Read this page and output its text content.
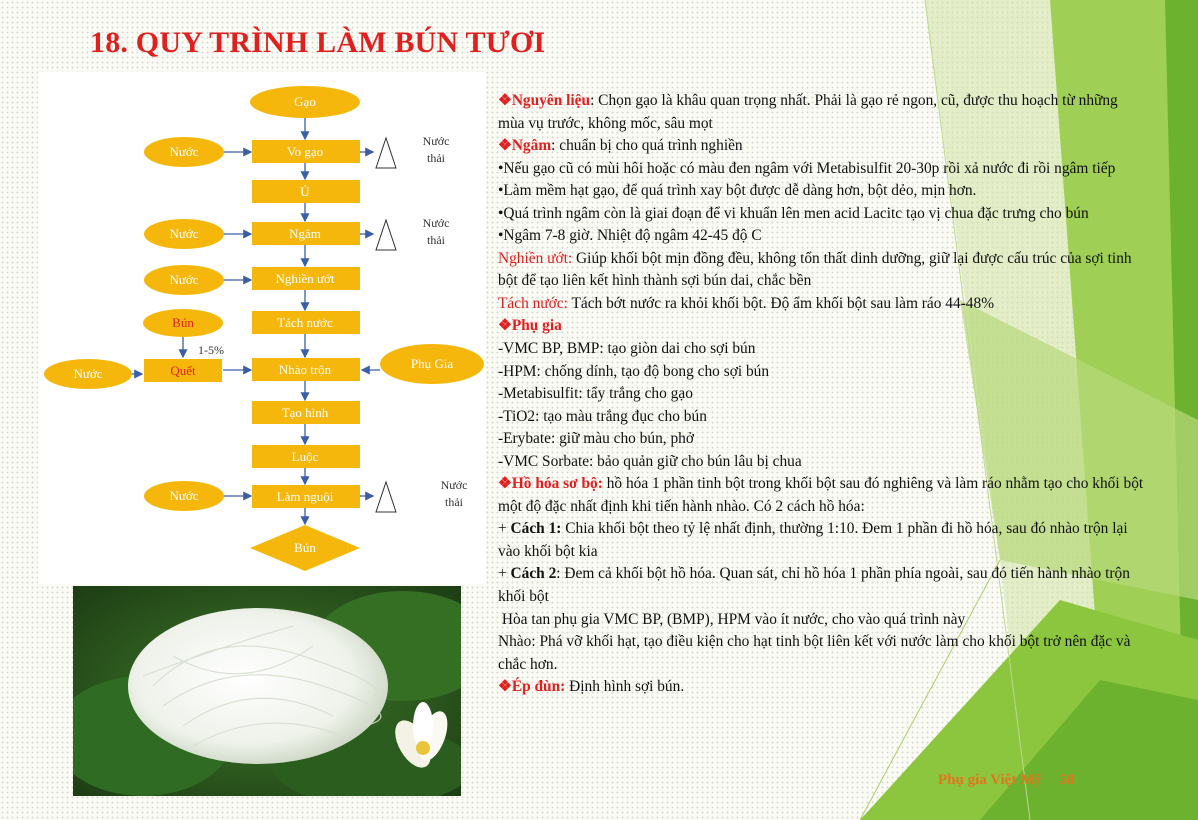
18. QUY TRÌNH LÀM BÚN TƯƠI
Gạo
Vo gạo
Ủ
Ngâm
Nghiền ướt
Tách nước
Nhào trộn
Tạo hình
Luộc
Làm nguội
Bún
Nước
Nước
Nước
Bún
1-5%
Quết
Nước
Nước
Phụ Gia
Nước
thải
Nước
thải
Nước
thải

❖Nguyên liệu: Chọn gạo là khâu quan trọng nhất. Phải là gạo rẻ ngon, cũ, được thu hoạch từ những mùa vụ trước, không mốc, sâu mọt

❖Ngâm: chuẩn bị cho quá trình nghiền

•Nếu gạo cũ có mùi hôi hoặc có màu đen ngâm với Metabisulfit 20-30p rồi xả nước đi rồi ngâm tiếp

•Làm mềm hạt gạo, để quá trình xay bột được dễ dàng hơn, bột dẻo, mịn hơn.

•Quá trình ngâm còn là giai đoạn để vi khuẩn lên men acid Lacitc tạo vị chua đặc trưng cho bún

•Ngâm 7-8 giờ. Nhiệt độ ngâm 42-45 độ C

Nghiền ướt: Giúp khối bột mịn đồng đều, không tổn thất dinh dưỡng, giữ lại được cấu trúc của sợi tinh bột để tạo liên kết hình thành sợi bún dai, chắc bền

Tách nước: Tách bớt nước ra khỏi khối bột. Độ ẩm khối bột sau làm ráo 44-48%

❖Phụ gia

-VMC BP, BMP: tạo giòn dai cho sợi bún

-HPM: chống dính, tạo độ bong cho sợi bún

-Metabisulfit: tẩy trắng cho gạo

-TiO2: tạo màu trắng đục cho bún

-Erybate: giữ màu cho bún, phở

-VMC Sorbate: bảo quản giữ cho bún lâu bị chua

❖Hồ hóa sơ bộ: hồ hóa 1 phần tinh bột trong khối bột sau đó nghiêng và làm ráo nhằm tạo cho khối bột một độ đặc nhất định khi tiến hành nhào. Có 2 cách hồ hóa:

+ Cách 1: Chia khối bột theo tỷ lệ nhất định, thường 1:10. Đem 1 phần đi hồ hóa, sau đó nhào trộn lại vào khối bột kia

+ Cách 2: Đem cả khối bột hồ hóa. Quan sát, chỉ hồ hóa 1 phần phía ngoài, sau đó tiến hành nhào trộn khối bột

Hòa tan phụ gia VMC BP, (BMP), HPM vào ít nước, cho vào quá trình này

Nhào: Phá vỡ khối hạt, tạo điều kiện cho hạt tinh bột liên kết với nước làm cho khối bột trở nên đặc và chắc hơn.

❖Ép đùn: Định hình sợi bún.

Phụ gia Việt Mỹ 58
